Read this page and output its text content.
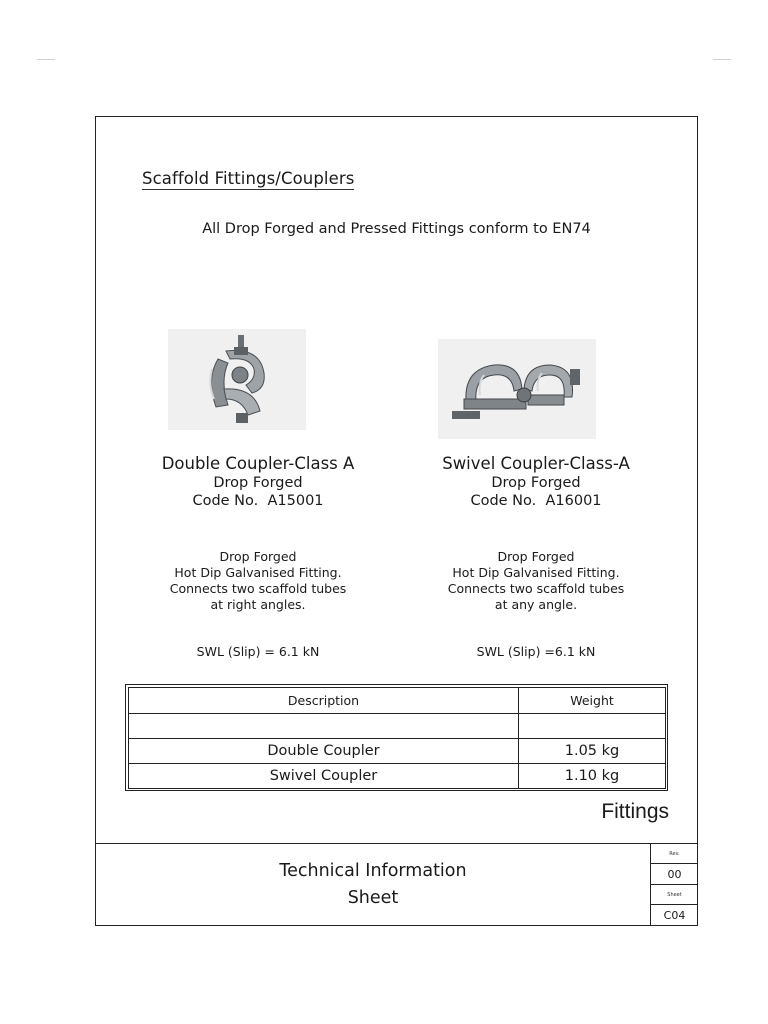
Scaffold Fittings/Couplers
All Drop Forged and Pressed Fittings conform to EN74
Double Coupler-Class A
Drop Forged
Code No.  A15001
Swivel Coupler-Class-A
Drop Forged
Code No.  A16001
Drop Forged
Hot Dip Galvanised Fitting.
Connects two scaffold tubes
at right angles.
Drop Forged
Hot Dip Galvanised Fitting.
Connects two scaffold tubes
at any angle.
SWL (Slip) = 6.1 kN	SWL (Slip) =6.1 kN
Description	Weight

Double Coupler	1.05 kg
Swivel Coupler	1.10 kg
Fittings
Technical Information
Sheet
Rev.
00
Sheet
C04
